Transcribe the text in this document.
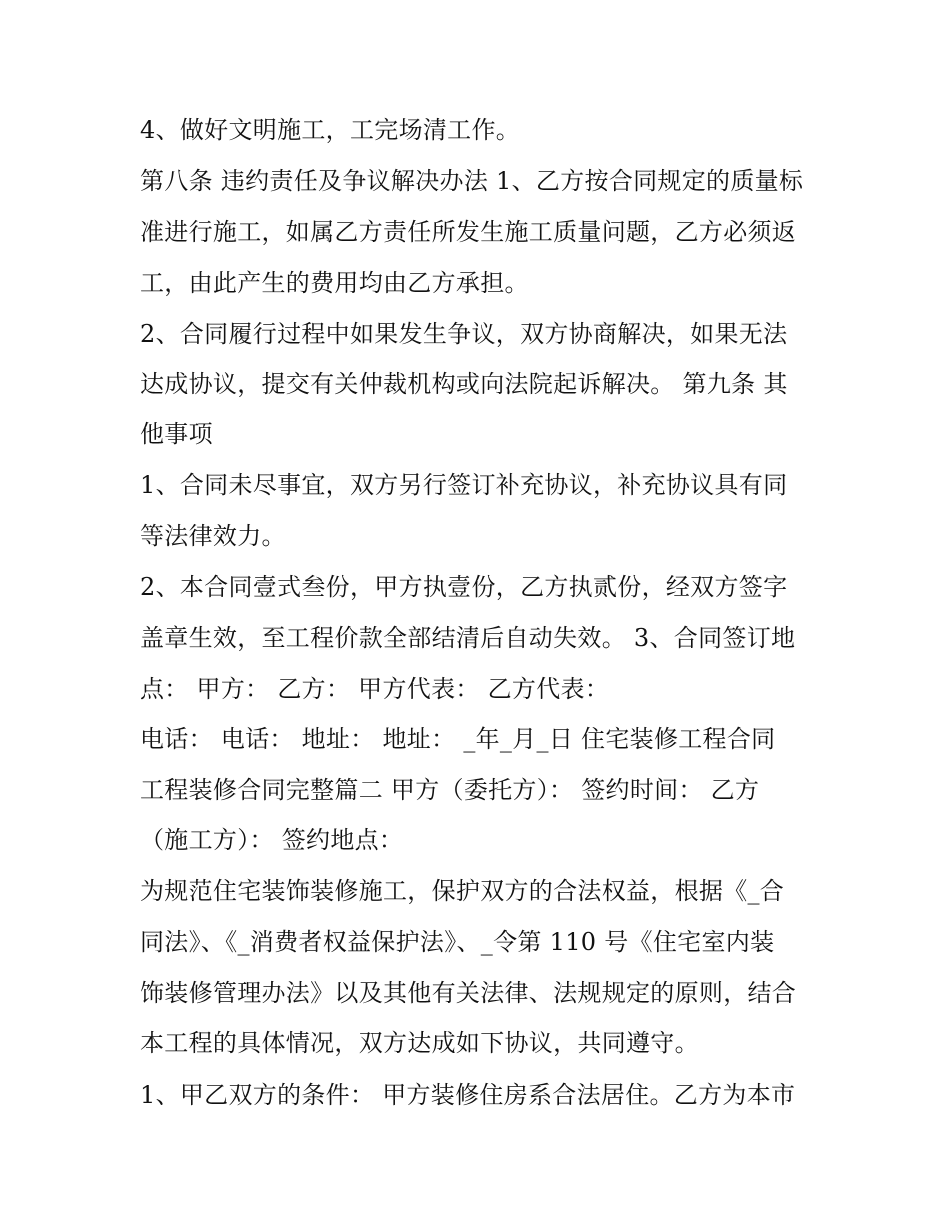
4、做好文明施工，工完场清工作。
第八条 违约责任及争议解决办法 1、乙方按合同规定的质量标
准进行施工，如属乙方责任所发生施工质量问题，乙方必须返
工，由此产生的费用均由乙方承担。
2、合同履行过程中如果发生争议，双方协商解决，如果无法
达成协议，提交有关仲裁机构或向法院起诉解决。 第九条 其
他事项
1、合同未尽事宜，双方另行签订补充协议，补充协议具有同
等法律效力。
2、本合同壹式叁份，甲方执壹份，乙方执贰份，经双方签字
盖章生效，至工程价款全部结清后自动失效。 3、合同签订地
点： 甲方： 乙方： 甲方代表： 乙方代表：
电话： 电话： 地址： 地址： _年_月_日 住宅装修工程合同
工程装修合同完整篇二 甲方（委托方）： 签约时间： 乙方
（施工方）： 签约地点：
为规范住宅装饰装修施工，保护双方的合法权益，根据《_合
同法》、《_消费者权益保护法》、_令第 110 号《住宅室内装
饰装修管理办法》以及其他有关法律、法规规定的原则，结合
本工程的具体情况，双方达成如下协议，共同遵守。
1、甲乙双方的条件： 甲方装修住房系合法居住。乙方为本市
